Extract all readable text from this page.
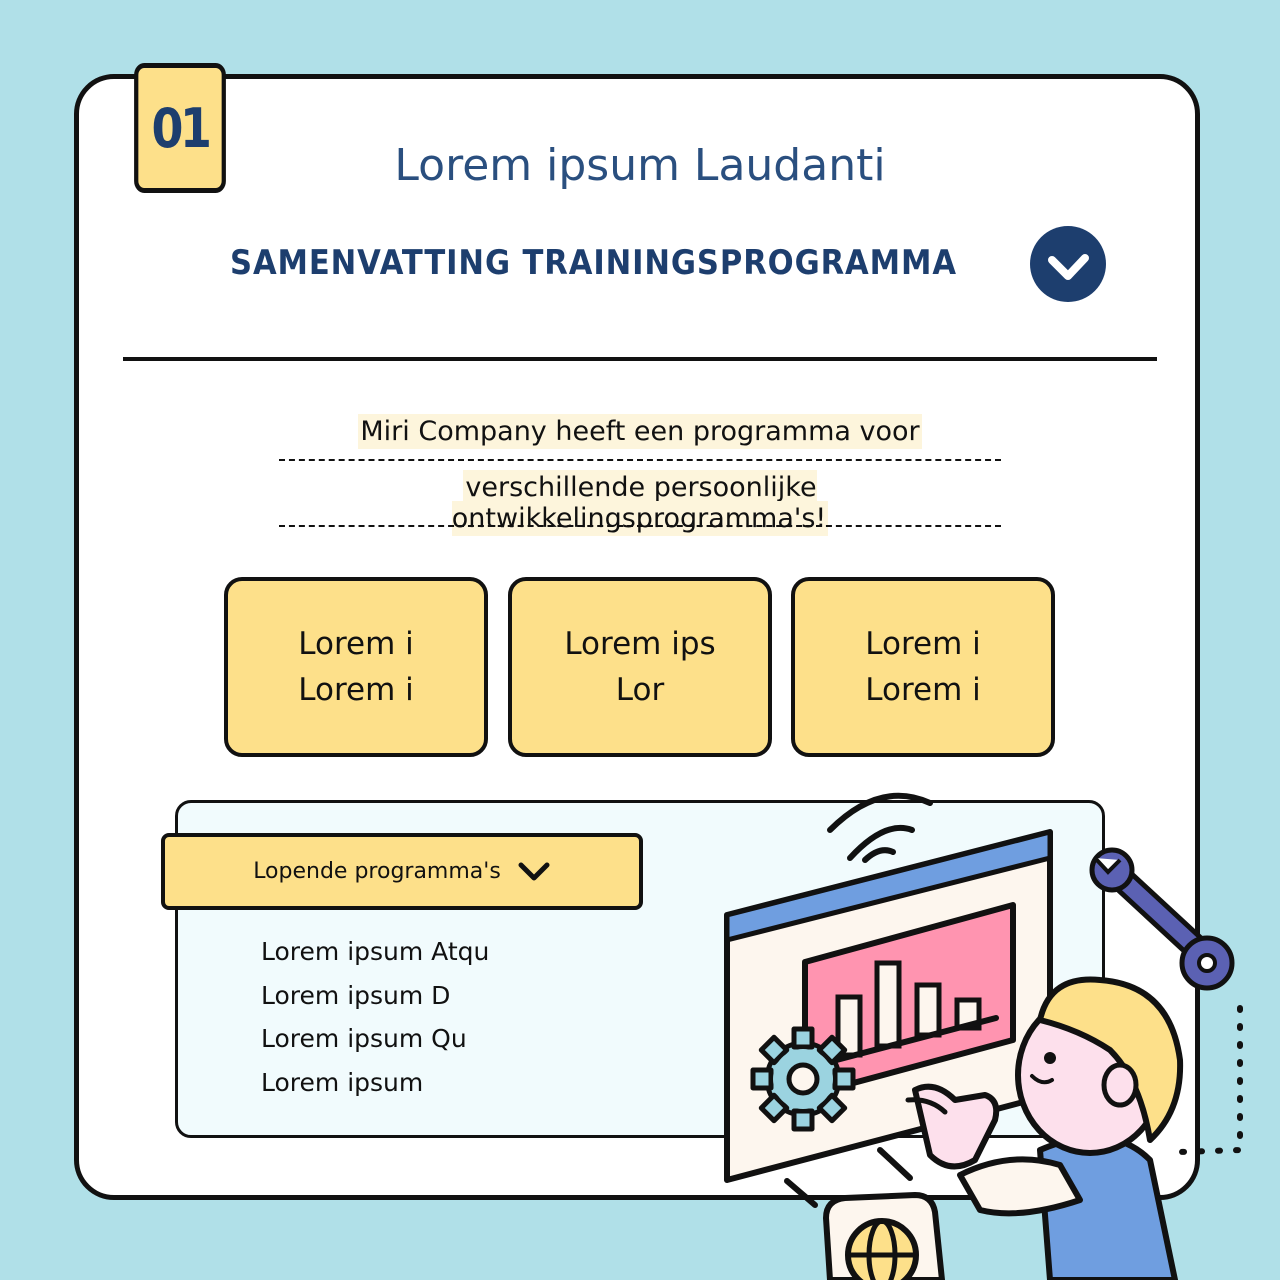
01
Lorem ipsum Laudanti
SAMENVATTING TRAININGSPROGRAMMA
Miri Company heeft een programma voor
verschillende persoonlijke ontwikkelingsprogramma's!
Lorem i
Lorem i
Lorem ips
Lor
Lorem i
Lorem i
Lopende programma's
Lorem ipsum Atqu
Lorem ipsum D
Lorem ipsum Qu
Lorem ipsum
